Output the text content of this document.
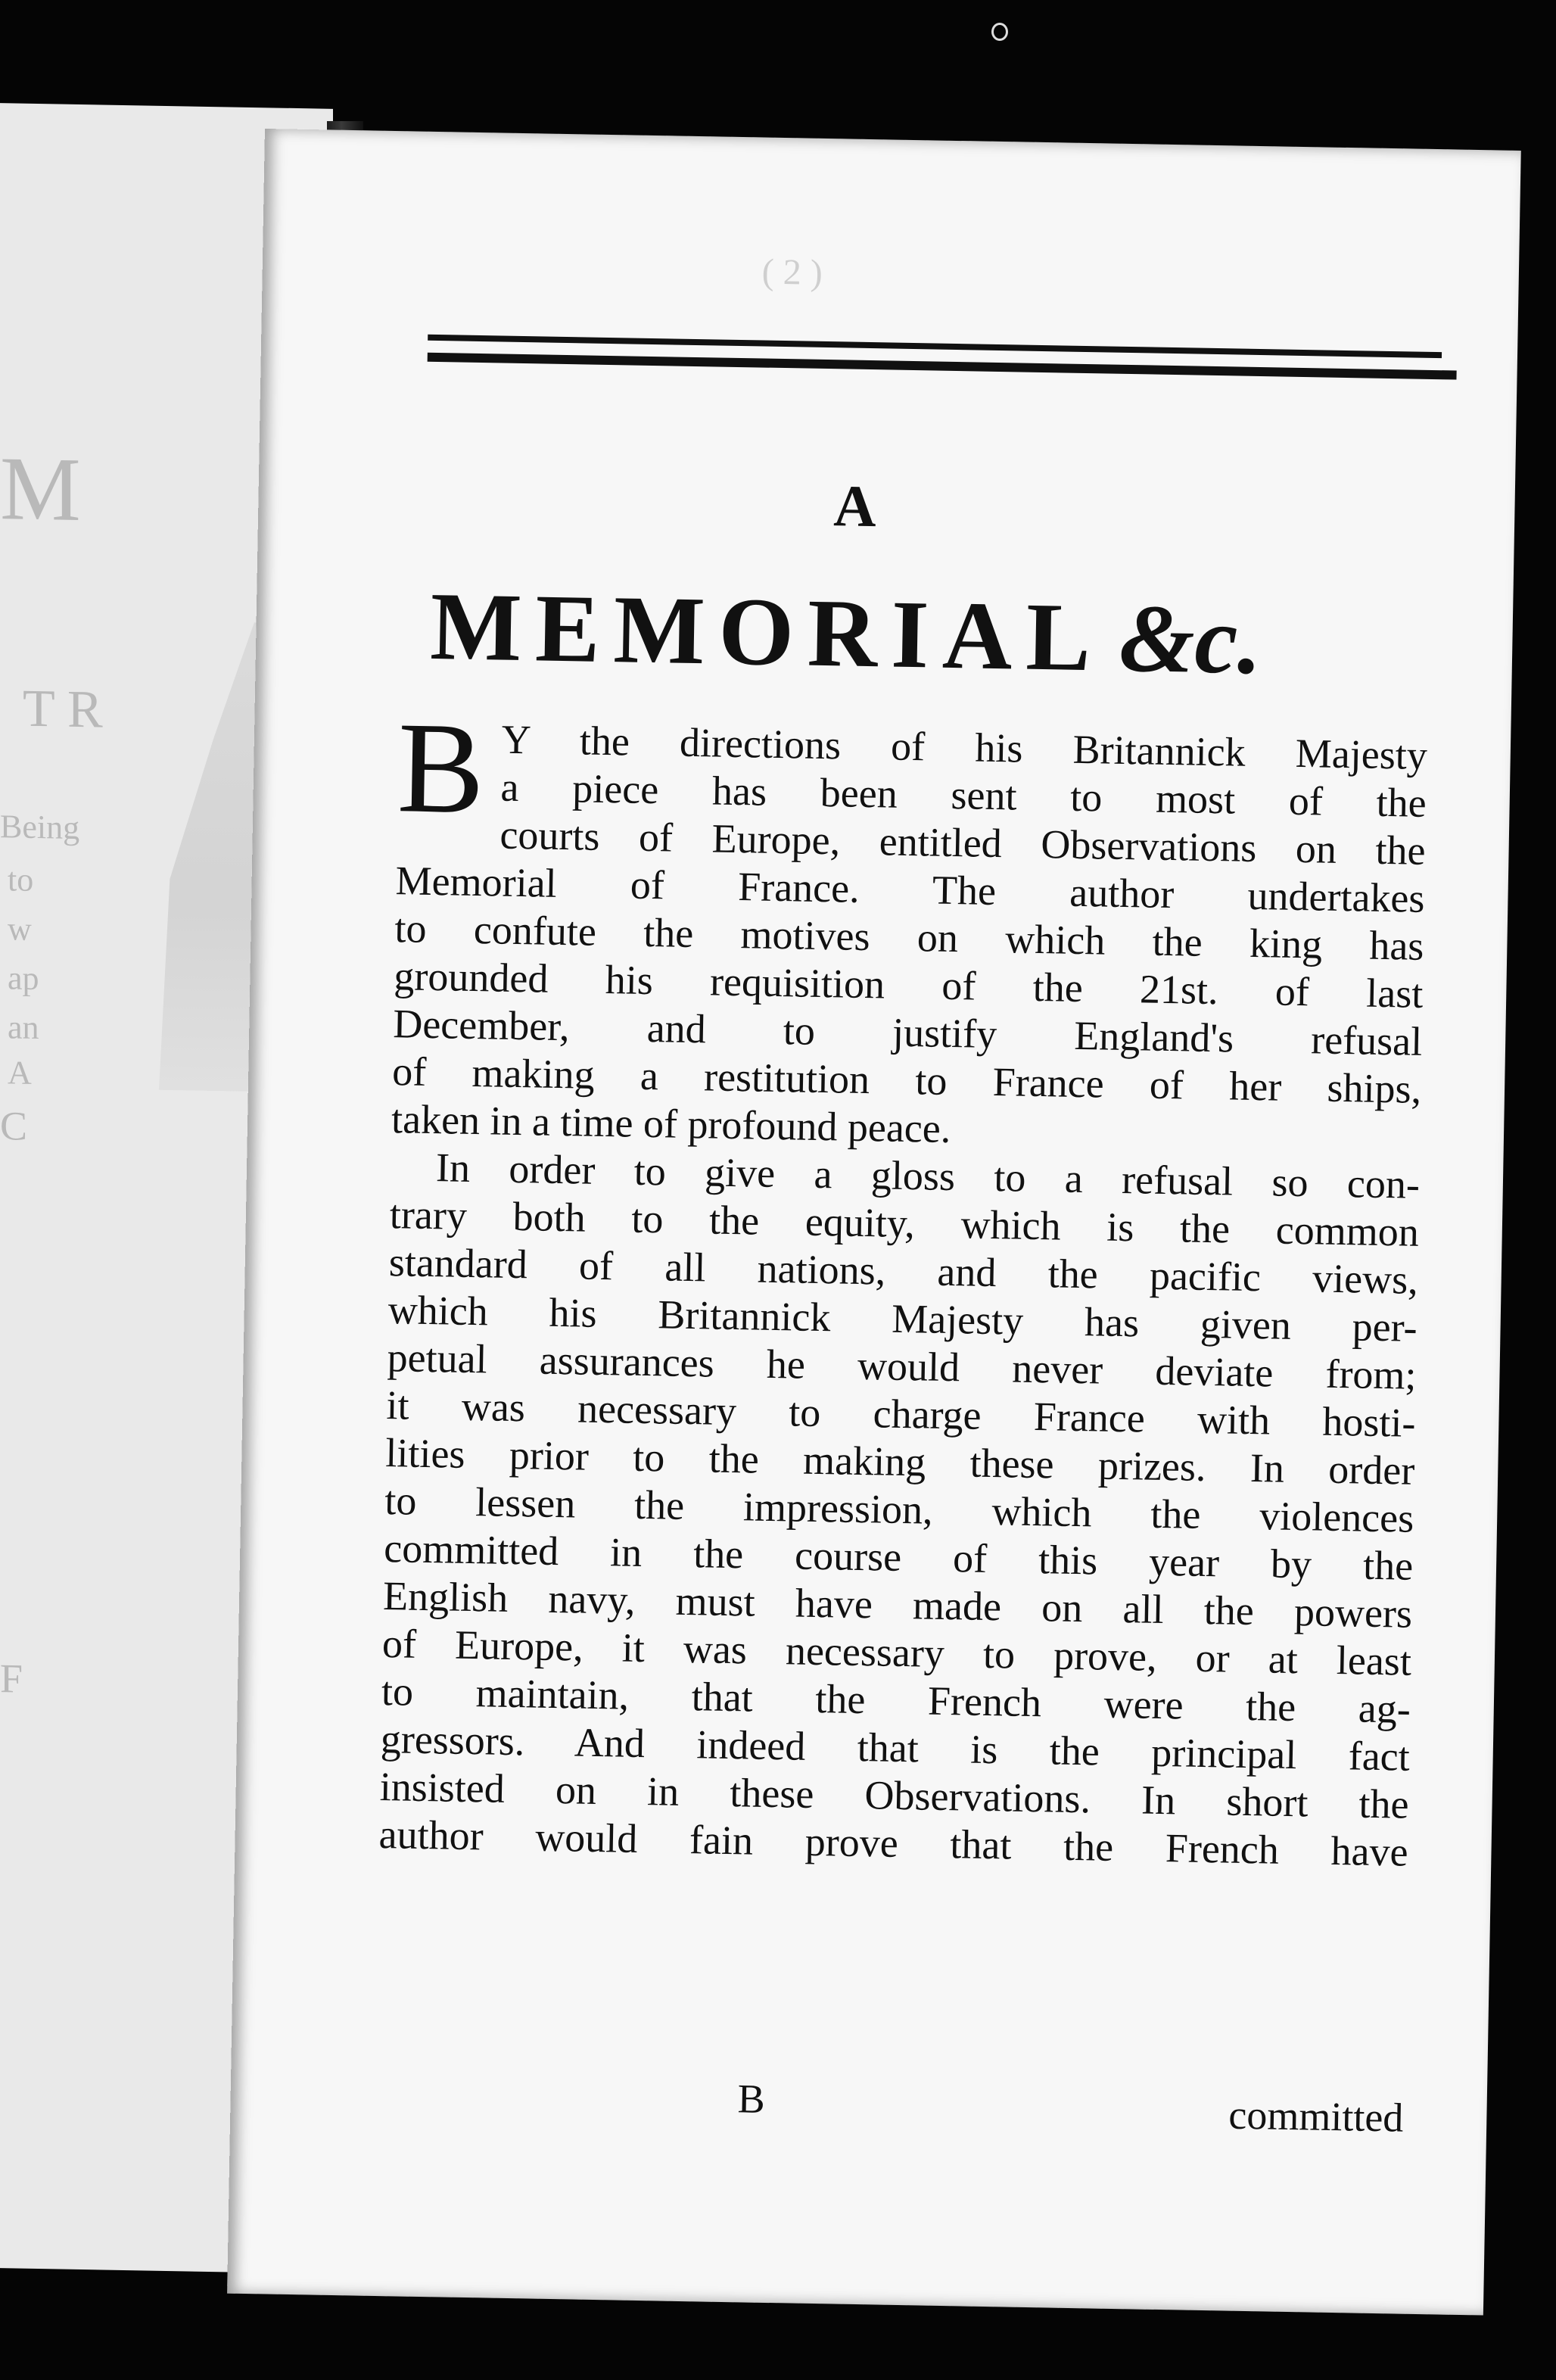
M
T R
Being
to
w
ap
an
A
C
F
( 2 )
A
MEMORIAL &c.
B Y the directions of his Britannick Majesty
a piece has been sent to most of the
courts of Europe, entitled Observations on the
Memorial of France. The author undertakes
to confute the motives on which the king has
grounded his requisition of the 21st. of last
December, and to justify England's refusal
of making a restitution to France of her ships,
taken in a time of profound peace.
In order to give a gloss to a refusal so con-
trary both to the equity, which is the common
standard of all nations, and the pacific views,
which his Britannick Majesty has given per-
petual assurances he would never deviate from;
it was necessary to charge France with hosti-
lities prior to the making these prizes. In order
to lessen the impression, which the violences
committed in the course of this year by the
English navy, must have made on all the powers
of Europe, it was necessary to prove, or at least
to maintain, that the French were the ag-
gressors. And indeed that is the principal fact
insisted on in these Observations. In short the
author would fain prove that the French have
B	committed
